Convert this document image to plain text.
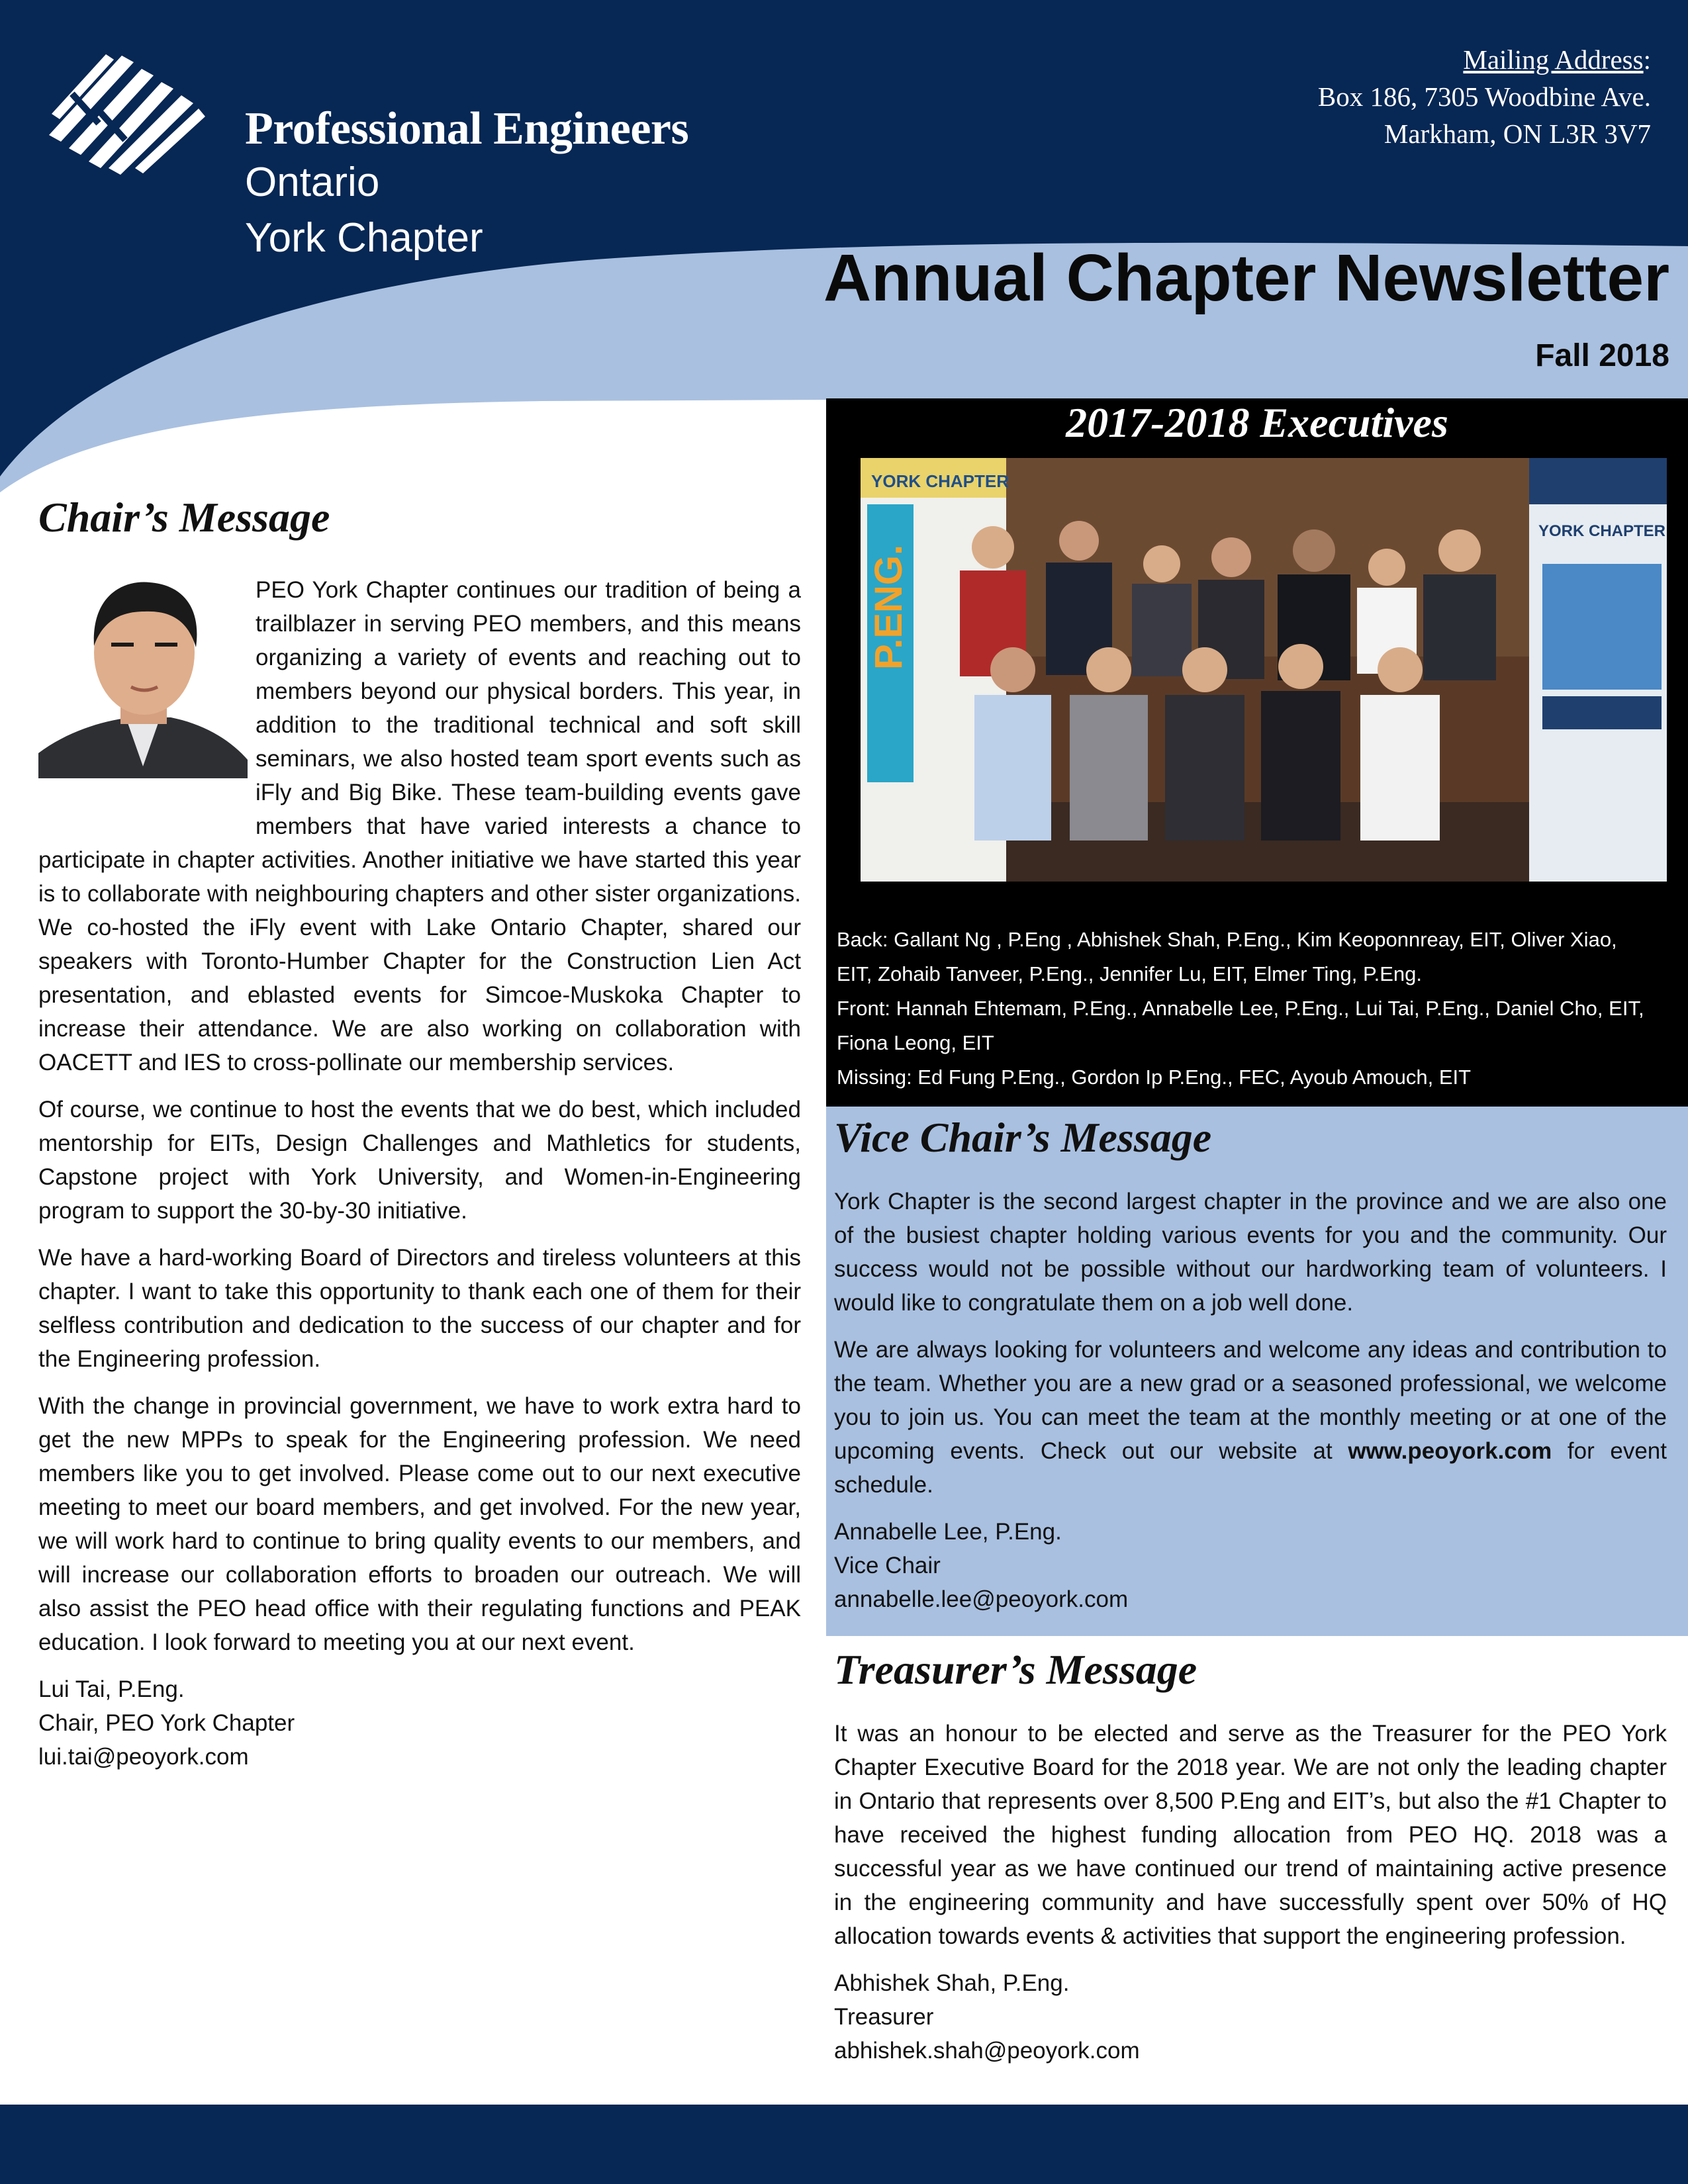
Professional Engineers
Ontario
York Chapter
Mailing Address:
Box 186, 7305 Woodbine Ave.
Markham, ON L3R 3V7
Annual Chapter Newsletter
Fall 2018
Chair’s Message

PEO York Chapter continues our tradition of being a trailblazer in serving PEO members, and this means organizing a variety of events and reaching out to members beyond our physical borders. This year, in addition to the traditional technical and soft skill seminars, we also hosted team sport events such as iFly and Big Bike. These team-building events gave members that have varied interests a chance to participate in chapter activities. Another initiative we have started this year is to collaborate with neighbouring chapters and other sister organizations. We co-hosted the iFly event with Lake Ontario Chapter, shared our speakers with Toronto-Humber Chapter for the Construction Lien Act presentation, and eblasted events for Simcoe-Muskoka Chapter to increase their attendance. We are also working on collaboration with OACETT and IES to cross-pollinate our membership services.

Of course, we continue to host the events that we do best, which included mentorship for EITs, Design Challenges and Mathletics for students, Capstone project with York University, and Women-in-Engineering program to support the 30-by-30 initiative.

We have a hard-working Board of Directors and tireless volunteers at this chapter. I want to take this opportunity to thank each one of them for their selfless contribution and dedication to the success of our chapter and for the Engineering profession.

With the change in provincial government, we have to work extra hard to get the new MPPs to speak for the Engineering profession. We need members like you to get involved. Please come out to our next executive meeting to meet our board members, and get involved. For the new year, we will work hard to continue to bring quality events to our members, and will increase our collaboration efforts to broaden our outreach. We will also assist the PEO head office with their regulating functions and PEAK education. I look forward to meeting you at our next event.

Lui Tai, P.Eng.
Chair, PEO York Chapter
lui.tai@peoyork.com
2017-2018 Executives
YORK CHAPTER
P.ENG.
YORK CHAPTER
Back: Gallant Ng , P.Eng , Abhishek Shah, P.Eng., Kim Keoponnreay, EIT, Oliver Xiao,
EIT, Zohaib Tanveer, P.Eng., Jennifer Lu, EIT, Elmer Ting, P.Eng.
Front: Hannah Ehtemam, P.Eng., Annabelle Lee, P.Eng., Lui Tai, P.Eng., Daniel Cho, EIT,
Fiona Leong, EIT
Missing: Ed Fung P.Eng., Gordon Ip P.Eng., FEC, Ayoub Amouch, EIT
Vice Chair’s Message

York Chapter is the second largest chapter in the province and we are also one of the busiest chapter holding various events for you and the community. Our success would not be possible without our hardworking team of volunteers. I would like to congratulate them on a job well done.

We are always looking for volunteers and welcome any ideas and contribution to the team. Whether you are a new grad or a seasoned professional, we welcome you to join us. You can meet the team at the monthly meeting or at one of the upcoming events. Check out our website at www.peoyork.com for event schedule.

Annabelle Lee, P.Eng.
Vice Chair
annabelle.lee@peoyork.com
Treasurer’s Message

It was an honour to be elected and serve as the Treasurer for the PEO York Chapter Executive Board for the 2018 year. We are not only the leading chapter in Ontario that represents over 8,500 P.Eng and EIT’s, but also the #1 Chapter to have received the highest funding allocation from PEO HQ. 2018 was a successful year as we have continued our trend of maintaining active presence in the engineering community and have successfully spent over 50% of HQ allocation towards events & activities that support the engineering profession.

Abhishek Shah, P.Eng.
Treasurer
abhishek.shah@peoyork.com
